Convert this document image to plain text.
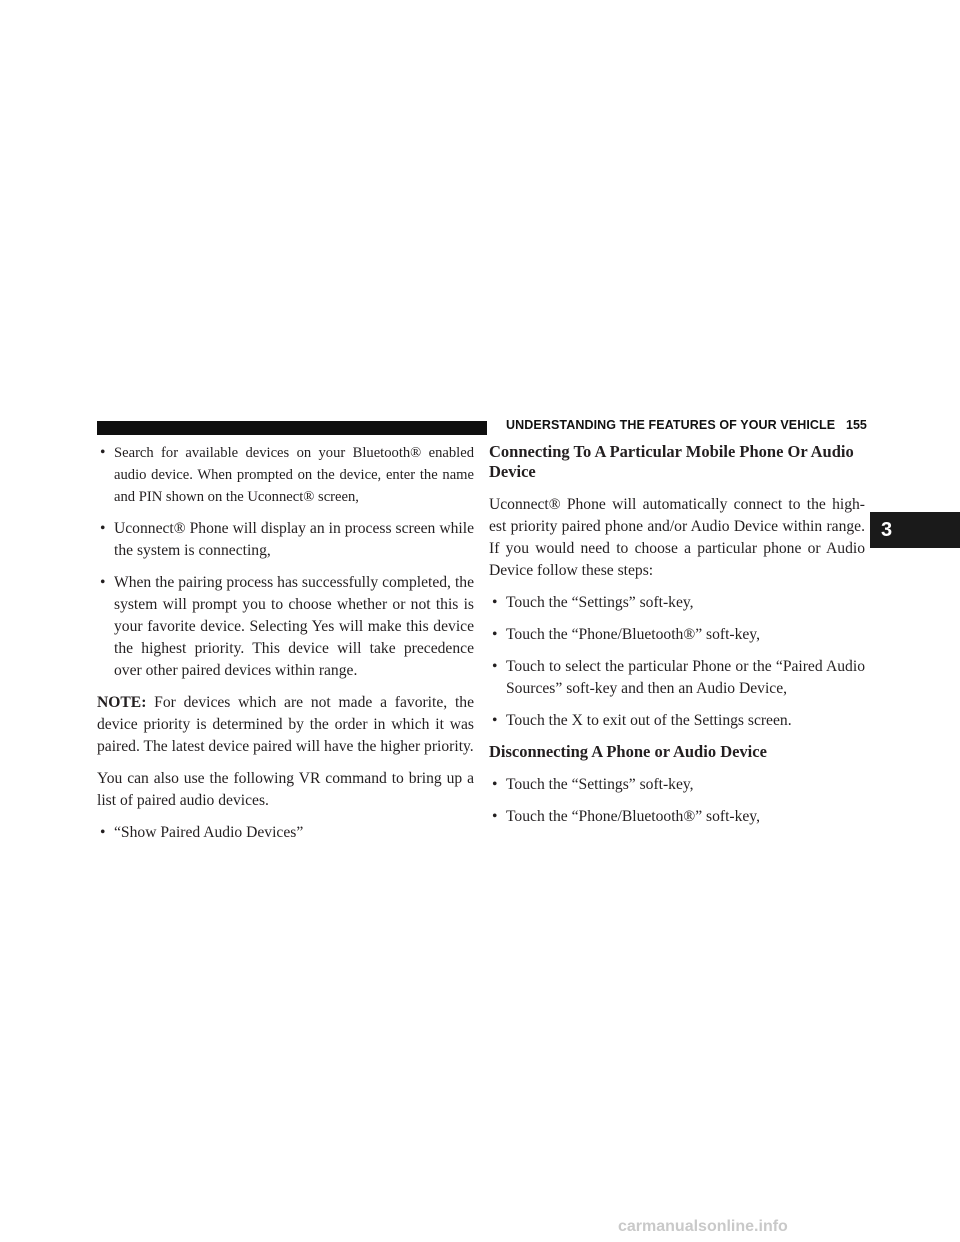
UNDERSTANDING THE FEATURES OF YOUR VEHICLE 155
3
• Search for available devices on your Bluetooth® enabled audio device. When prompted on the device, enter the name and PIN shown on the Uconnect® screen,
• Uconnect® Phone will display an in process screen while the system is connecting,
• When the pairing process has successfully completed, the system will prompt you to choose whether or not this is your favorite device. Selecting Yes will make this device the highest priority. This device will take precedence over other paired devices within range.

NOTE: For devices which are not made a favorite, the device priority is determined by the order in which it was paired. The latest device paired will have the higher priority.

You can also use the following VR command to bring up a list of paired audio devices.

• “Show Paired Audio Devices”
Connecting To A Particular Mobile Phone Or Audio Device

Uconnect® Phone will automatically connect to the high-est priority paired phone and/or Audio Device within range. If you would need to choose a particular phone or Audio Device follow these steps:

• Touch the “Settings” soft-key,
• Touch the “Phone/Bluetooth®” soft-key,
• Touch to select the particular Phone or the “Paired Audio Sources” soft-key and then an Audio Device,
• Touch the X to exit out of the Settings screen.
Disconnecting A Phone or Audio Device
• Touch the “Settings” soft-key,
• Touch the “Phone/Bluetooth®” soft-key,
carmanualsonline.info
